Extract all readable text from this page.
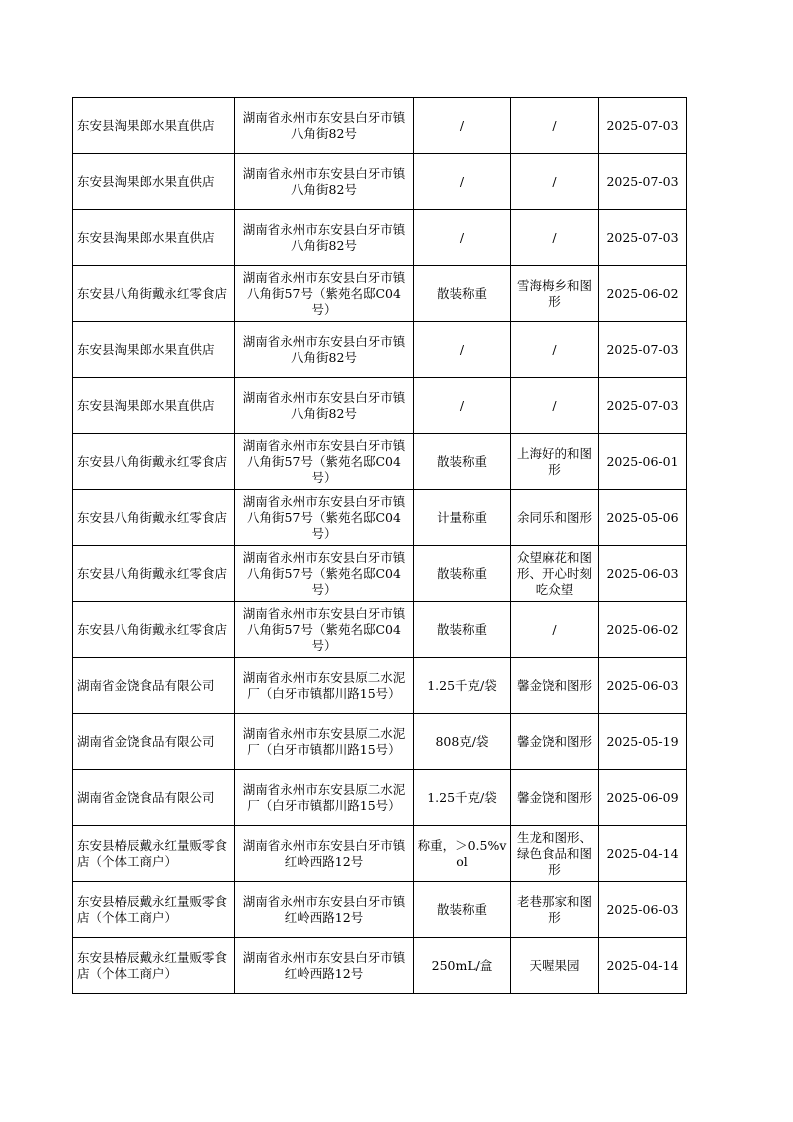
东安县淘果郎水果直供店	湖南省永州市东安县白牙市镇八角街82号	/	/	2025-07-03
东安县淘果郎水果直供店	湖南省永州市东安县白牙市镇八角街82号	/	/	2025-07-03
东安县淘果郎水果直供店	湖南省永州市东安县白牙市镇八角街82号	/	/	2025-07-03
东安县八角街戴永红零食店	湖南省永州市东安县白牙市镇八角街57号（紫苑名邸C04号）	散装称重	雪海梅乡和图形	2025-06-02
东安县淘果郎水果直供店	湖南省永州市东安县白牙市镇八角街82号	/	/	2025-07-03
东安县淘果郎水果直供店	湖南省永州市东安县白牙市镇八角街82号	/	/	2025-07-03
东安县八角街戴永红零食店	湖南省永州市东安县白牙市镇八角街57号（紫苑名邸C04号）	散装称重	上海好的和图形	2025-06-01
东安县八角街戴永红零食店	湖南省永州市东安县白牙市镇八角街57号（紫苑名邸C04号）	计量称重	余同乐和图形	2025-05-06
东安县八角街戴永红零食店	湖南省永州市东安县白牙市镇八角街57号（紫苑名邸C04号）	散装称重	众望麻花和图形、开心时刻吃众望	2025-06-03
东安县八角街戴永红零食店	湖南省永州市东安县白牙市镇八角街57号（紫苑名邸C04号）	散装称重	/	2025-06-02
湖南省金饶食品有限公司	湖南省永州市东安县原二水泥厂（白牙市镇都川路15号）	1.25千克/袋	馨金饶和图形	2025-06-03
湖南省金饶食品有限公司	湖南省永州市东安县原二水泥厂（白牙市镇都川路15号）	808克/袋	馨金饶和图形	2025-05-19
湖南省金饶食品有限公司	湖南省永州市东安县原二水泥厂（白牙市镇都川路15号）	1.25千克/袋	馨金饶和图形	2025-06-09
东安县椿辰戴永红量贩零食店（个体工商户）	湖南省永州市东安县白牙市镇红岭西路12号	称重，＞0.5%vol	生龙和图形、绿色食品和图形	2025-04-14
东安县椿辰戴永红量贩零食店（个体工商户）	湖南省永州市东安县白牙市镇红岭西路12号	散装称重	老巷那家和图形	2025-06-03
东安县椿辰戴永红量贩零食店（个体工商户）	湖南省永州市东安县白牙市镇红岭西路12号	250mL/盒	天喔果园	2025-04-14
